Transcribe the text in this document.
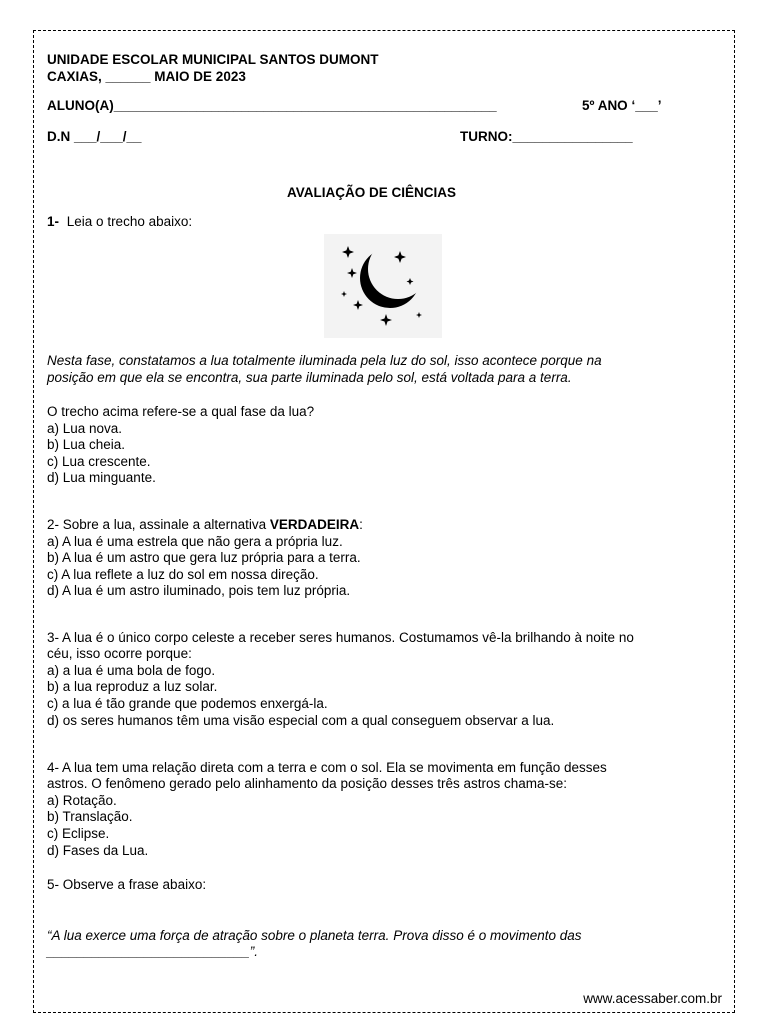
UNIDADE ESCOLAR MUNICIPAL SANTOS DUMONT
CAXIAS, ______ MAIO DE 2023
ALUNO(A)___________________________________________________	5º ANO ‘___’
D.N ___/___/__	TURNO:________________
AVALIAÇÃO DE CIÊNCIAS
1- Leia o trecho abaixo:
Nesta fase, constatamos a lua totalmente iluminada pela luz do sol, isso acontece porque na
posição em que ela se encontra, sua parte iluminada pelo sol, está voltada para a terra.
O trecho acima refere-se a qual fase da lua?
a) Lua nova.
b) Lua cheia.
c) Lua crescente.
d) Lua minguante.
2- Sobre a lua, assinale a alternativa VERDADEIRA:
a) A lua é uma estrela que não gera a própria luz.
b) A lua é um astro que gera luz própria para a terra.
c) A lua reflete a luz do sol em nossa direção.
d) A lua é um astro iluminado, pois tem luz própria.
3- A lua é o único corpo celeste a receber seres humanos. Costumamos vê-la brilhando à noite no
céu, isso ocorre porque:
a) a lua é uma bola de fogo.
b) a lua reproduz a luz solar.
c) a lua é tão grande que podemos enxergá-la.
d) os seres humanos têm uma visão especial com a qual conseguem observar a lua.
4- A lua tem uma relação direta com a terra e com o sol. Ela se movimenta em função desses
astros. O fenômeno gerado pelo alinhamento da posição desses três astros chama-se:
a) Rotação.
b) Translação.
c) Eclipse.
d) Fases da Lua.
5- Observe a frase abaixo:
“A lua exerce uma força de atração sobre o planeta terra. Prova disso é o movimento das
___________________________”.
www.acessaber.com.br
